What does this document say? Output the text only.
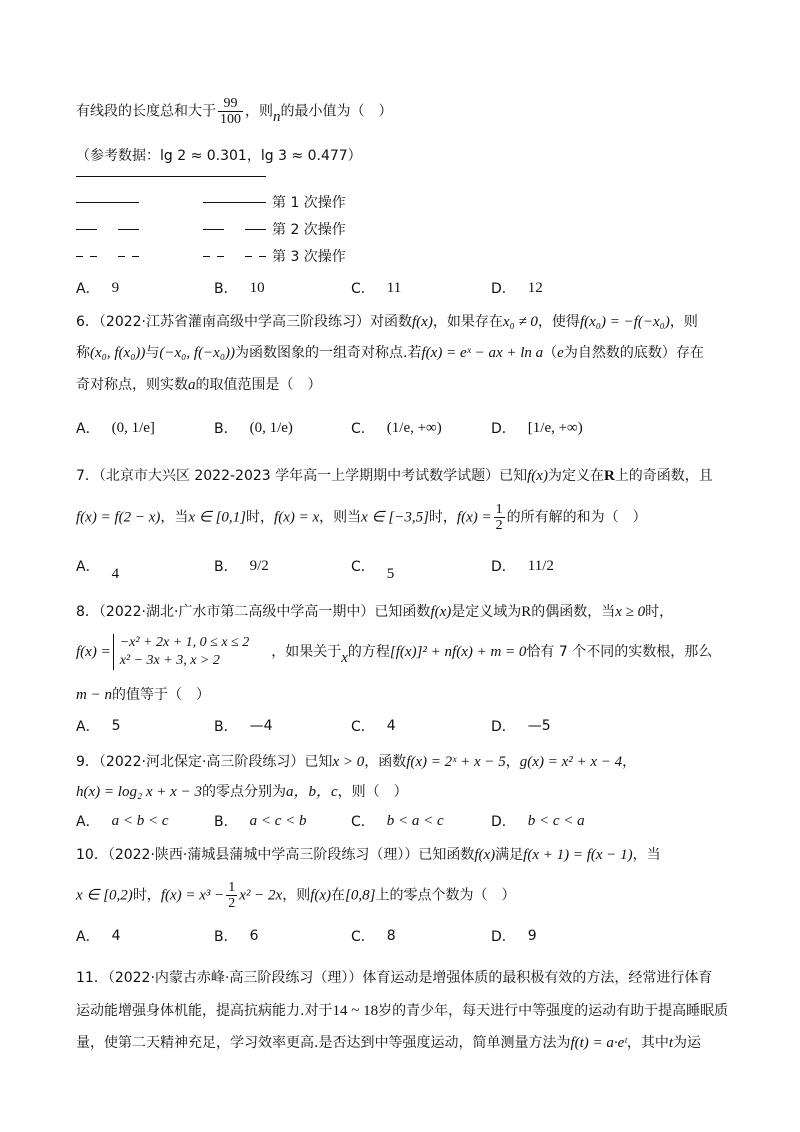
有线段的长度总和大于 $\frac{99}{100}$ ，则n的最小值为（　）
（参考数据：lg 2 ≈ 0.301，lg 3 ≈ 0.477）
第 1 次操作
第 2 次操作
第 3 次操作
A． 9	B． 10	C． 11	D． 12
6．（2022·江苏省灌南高级中学高三阶段练习）对函数f(x)，如果存在x₀ ≠ 0，使得f(x₀) = −f(−x₀)，则
称(x₀, f(x₀))与(−x₀, f(−x₀))为函数图象的一组奇对称点.若f(x) = eˣ − ax + ln a（e为自然数的底数）存在
奇对称点，则实数a的取值范围是（　）
A． (0, 1/e]	B． (0, 1/e)	C． (1/e, +∞)	D． [1/e, +∞)
7．（北京市大兴区 2022-2023 学年高一上学期期中考试数学试题）已知f(x)为定义在R上的奇函数，且
f(x) = f(2 − x)，当x ∈ [0,1]时，f(x) = x，则当x ∈ [−3,5]时，$f(x) = \frac{1}{2}$ 的所有解的和为（　）
A． 4	B． 9/2	C． 5	D． 11/2
8．（2022·湖北·广水市第二高级中学高一期中）已知函数f(x)是定义域为R的偶函数，当x ≥ 0时，
f(x) =
−x² + 2x + 1, 0 ≤ x ≤ 2
x² − 3x + 3, x > 2
，如果关于x的方程[f(x)]² + nf(x) + m = 0恰有 7 个不同的实数根，那么
m − n的值等于（　）
A． 5	B． —4	C． 4	D． —5
9．（2022·河北保定·高三阶段练习）已知x > 0，函数f(x) = 2ˣ + x − 5，g(x) = x² + x − 4，
h(x) = log₂ x + x − 3的零点分别为a，b，c，则（　）
A． a < b < c	B． a < c < b	C． b < a < c	D． b < c < a
10．（2022·陕西·蒲城县蒲城中学高三阶段练习（理））已知函数f(x)满足f(x + 1) = f(x − 1)，当
x ∈ [0,2)时，$f(x) = x^3 - \frac{1}{2} x^2 - 2x$，则f(x)在[0,8]上的零点个数为（　）
A． 4	B． 6	C． 8	D． 9
11．（2022·内蒙古赤峰·高三阶段练习（理））体育运动是增强体质的最积极有效的方法，经常进行体育
运动能增强身体机能，提高抗病能力.对于14 ~ 18岁的青少年，每天进行中等强度的运动有助于提高睡眠质
量，使第二天精神充足，学习效率更高.是否达到中等强度运动，简单测量方法为f(t) = a·eᵗ，其中t为运
